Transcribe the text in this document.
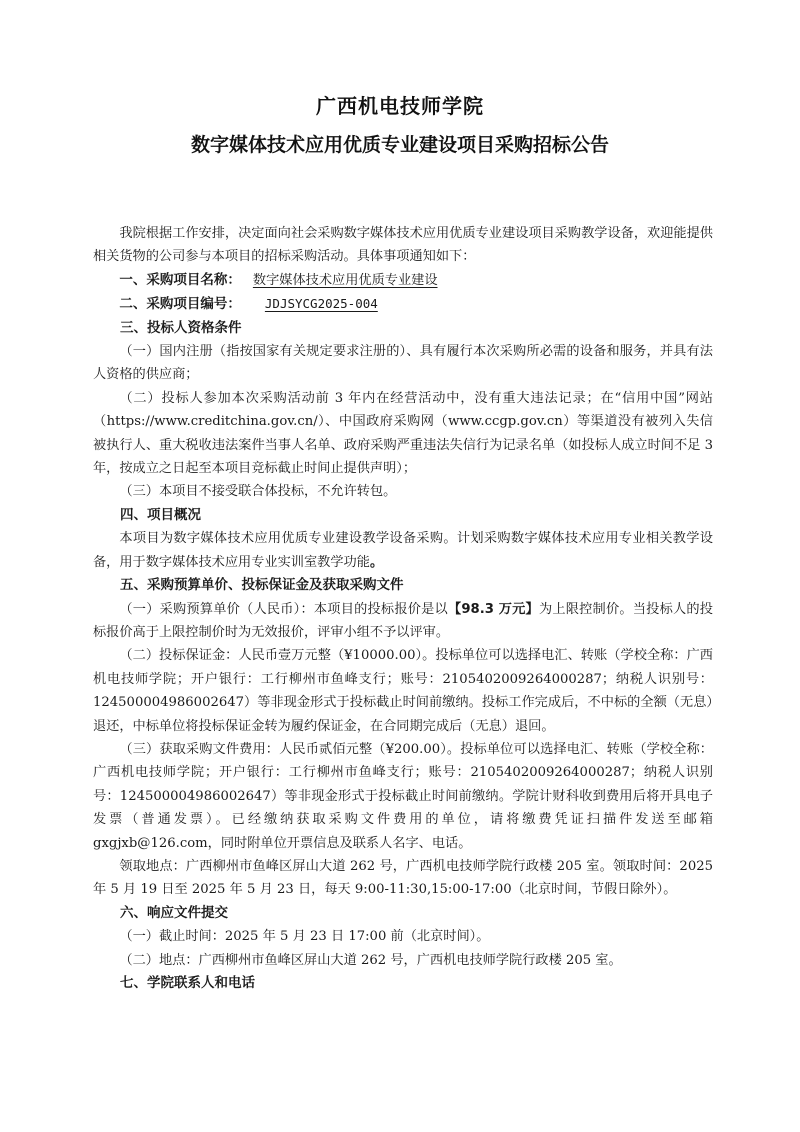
广西机电技师学院
数字媒体技术应用优质专业建设项目采购招标公告

我院根据工作安排，决定面向社会采购数字媒体技术应用优质专业建设项目采购教学设备，欢迎能提供相关货物的公司参与本项目的招标采购活动。具体事项通知如下：

一、采购项目名称： 数字媒体技术应用优质专业建设

二、采购项目编号： JDJSYCG2025-004

三、投标人资格条件

（一）国内注册（指按国家有关规定要求注册的）、具有履行本次采购所必需的设备和服务，并具有法人资格的供应商；

（二）投标人参加本次采购活动前 3 年内在经营活动中，没有重大违法记录；在“信用中国”网站（https://www.creditchina.gov.cn/）、中国政府采购网（www.ccgp.gov.cn）等渠道没有被列入失信被执行人、重大税收违法案件当事人名单、政府采购严重违法失信行为记录名单（如投标人成立时间不足 3 年，按成立之日起至本项目竞标截止时间止提供声明）；

（三）本项目不接受联合体投标，不允许转包。

四、项目概况

本项目为数字媒体技术应用优质专业建设教学设备采购。计划采购数字媒体技术应用专业相关教学设备，用于数字媒体技术应用专业实训室教学功能。

五、采购预算单价、投标保证金及获取采购文件

（一）采购预算单价（人民币）：本项目的投标报价是以【98.3 万元】为上限控制价。当投标人的投标报价高于上限控制价时为无效报价，评审小组不予以评审。

（二）投标保证金：人民币壹万元整（¥10000.00）。投标单位可以选择电汇、转账（学校全称：广西机电技师学院；开户银行：工行柳州市鱼峰支行；账号：2105402009264000287；纳税人识别号：124500004986002647）等非现金形式于投标截止时间前缴纳。投标工作完成后，不中标的全额（无息）退还，中标单位将投标保证金转为履约保证金，在合同期完成后（无息）退回。

（三）获取采购文件费用：人民币贰佰元整（¥200.00）。投标单位可以选择电汇、转账（学校全称：广西机电技师学院；开户银行：工行柳州市鱼峰支行；账号：2105402009264000287；纳税人识别号：124500004986002647）等非现金形式于投标截止时间前缴纳。学院计财科收到费用后将开具电子发票（普通发票）。已经缴纳获取采购文件费用的单位，请将缴费凭证扫描件发送至邮箱gxgjxb@126.com，同时附单位开票信息及联系人名字、电话。

领取地点：广西柳州市鱼峰区屏山大道 262 号，广西机电技师学院行政楼 205 室。领取时间：2025 年 5 月 19 日至 2025 年 5 月 23 日，每天 9:00-11:30,15:00-17:00（北京时间，节假日除外）。

六、响应文件提交

（一）截止时间：2025 年 5 月 23 日 17:00 前（北京时间）。

（二）地点：广西柳州市鱼峰区屏山大道 262 号，广西机电技师学院行政楼 205 室。

七、学院联系人和电话
